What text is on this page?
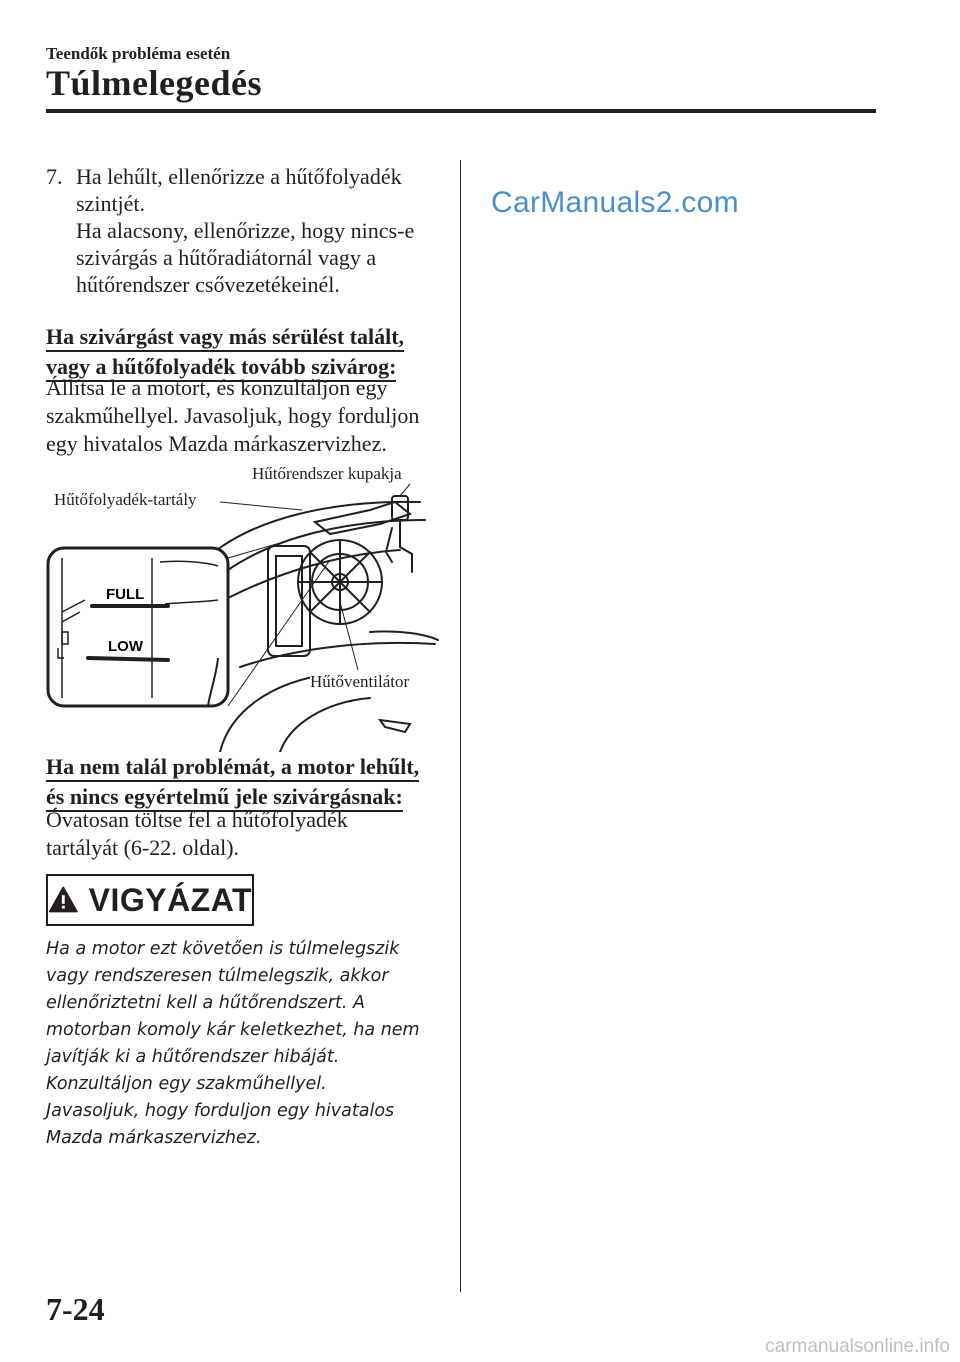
Teendők probléma esetén
Túlmelegedés
7. Ha lehűlt, ellenőrizze a hűtőfolyadék

szintjét.

Ha alacsony, ellenőrizze, hogy nincs-e

szivárgás a hűtőradiátornál vagy a

hűtőrendszer csővezetékeinél.

Ha szivárgást vagy más sérülést talált,
vagy a hűtőfolyadék tovább szivárog:

Állítsa le a motort, és konzultáljon egy

szakműhellyel. Javasoljuk, hogy forduljon

egy hivatalos Mazda márkaszervizhez.

FULL
LOW
Hűtőrendszer kupakja
Hűtőfolyadék-tartály
Hűtőventilátor
Ha nem talál problémát, a motor lehűlt,
és nincs egyértelmű jele szivárgásnak:

Óvatosan töltse fel a hűtőfolyadék

tartályát (6-22. oldal).

VIGYÁZAT

Ha a motor ezt követően is túlmelegszik

vagy rendszeresen túlmelegszik, akkor

ellenőriztetni kell a hűtőrendszert. A

motorban komoly kár keletkezhet, ha nem

javítják ki a hűtőrendszer hibáját.

Konzultáljon egy szakműhellyel.

Javasoljuk, hogy forduljon egy hivatalos

Mazda márkaszervizhez.

CarManuals2.com
7-24
carmanualsonline.info
